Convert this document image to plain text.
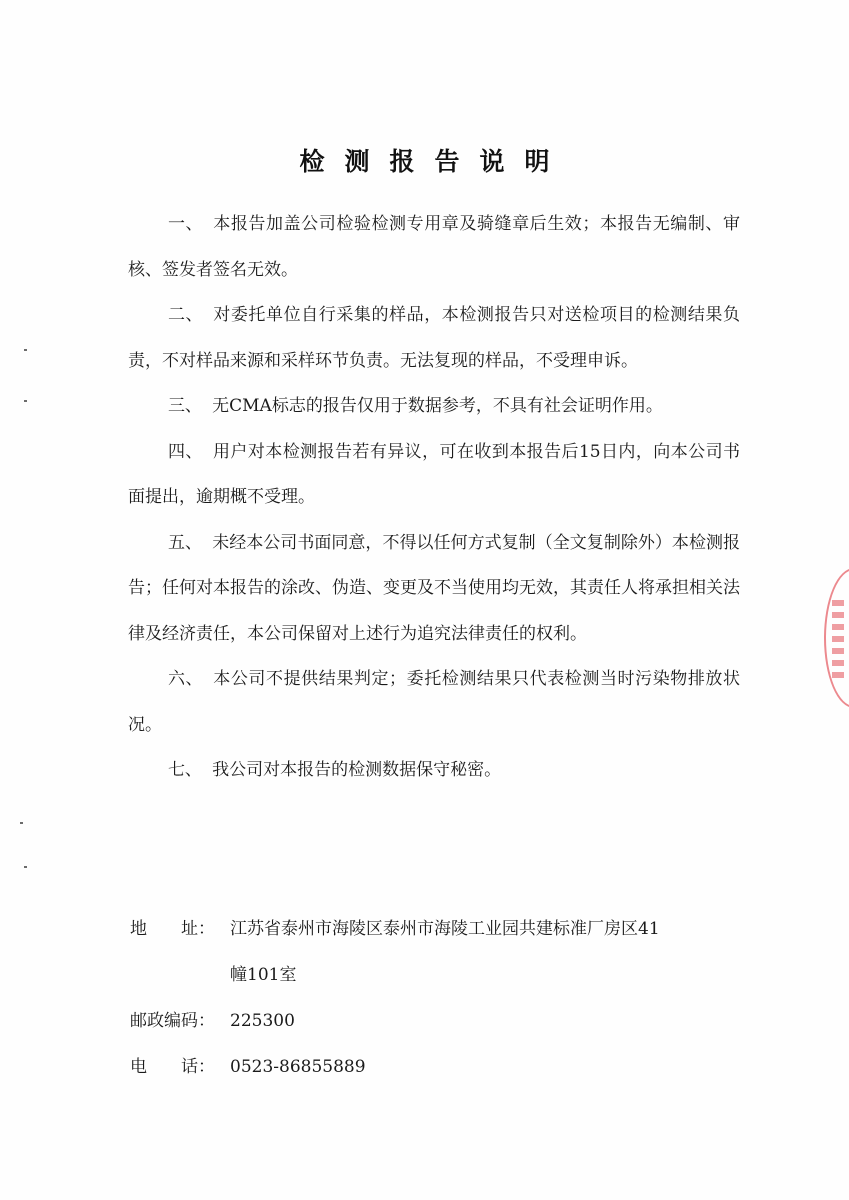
检测报告说明

一、 本报告加盖公司检验检测专用章及骑缝章后生效；本报告无编制、审核、签发者签名无效。

二、 对委托单位自行采集的样品，本检测报告只对送检项目的检测结果负责，不对样品来源和采样环节负责。无法复现的样品，不受理申诉。

三、 无CMA标志的报告仅用于数据参考，不具有社会证明作用。

四、 用户对本检测报告若有异议，可在收到本报告后15日内，向本公司书面提出，逾期概不受理。

五、 未经本公司书面同意，不得以任何方式复制（全文复制除外）本检测报告；任何对本报告的涂改、伪造、变更及不当使用均无效，其责任人将承担相关法律及经济责任，本公司保留对上述行为追究法律责任的权利。

六、 本公司不提供结果判定；委托检测结果只代表检测当时污染物排放状况。

七、 我公司对本报告的检测数据保守秘密。

地　　址： 江苏省泰州市海陵区泰州市海陵工业园共建标准厂房区41
幢101室
邮政编码： 225300
电　　话： 0523-86855889
